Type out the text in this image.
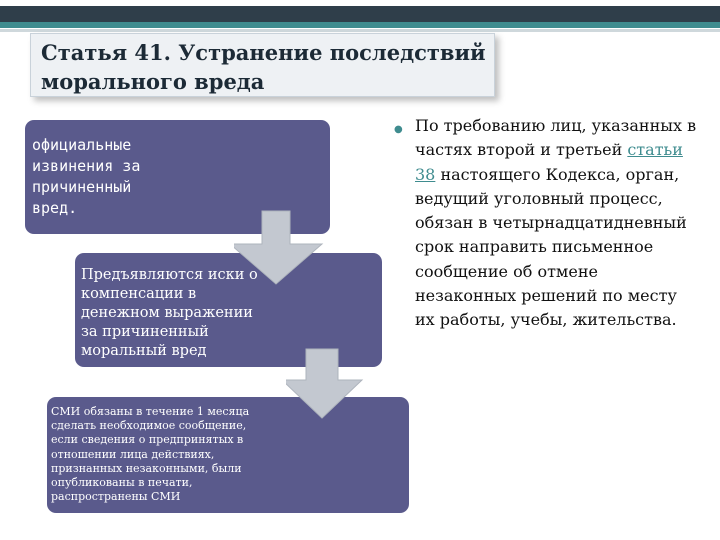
Статья 41. Устранение последствий морального вреда
официальные
извинения за
причиненный
вред.
Предъявляются иски о
компенсации в
денежном выражении
за причиненный
моральный вред
СМИ обязаны в течение 1 месяца
сделать необходимое сообщение,
если сведения о предпринятых в
отношении лица действиях,
признанных незаконными, были
опубликованы в печати,
распространены СМИ
● По требованию лиц, указанных в частях второй и третьей статьи 38 настоящего Кодекса, орган, ведущий уголовный процесс, обязан в четырнадцатидневный срок направить письменное сообщение об отмене незаконных решений по месту их работы, учебы, жительства.
